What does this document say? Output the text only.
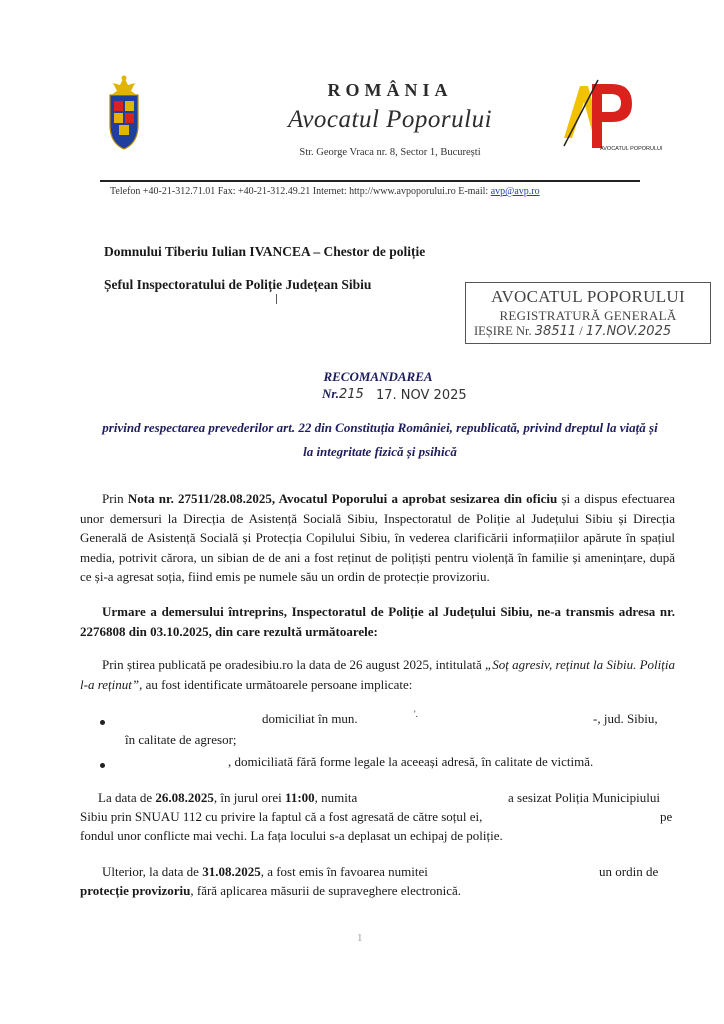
ROMÂNIA
Avocatul Poporului
Str. George Vraca nr. 8, Sector 1, București	AVOCATUL POPORULUI
Telefon +40-21-312.71.01 Fax: +40-21-312.49.21 Internet: http://www.avpoporului.ro E-mail: avp@avp.ro
Domnului Tiberiu Iulian IVANCEA – Chestor de poliție
Șeful Inspectoratului de Poliție Județean Sibiu
AVOCATUL POPORULUI
REGISTRATURĂ GENERALĂ
IEȘIRE Nr. 38511 / 17.NOV.2025
RECOMANDAREA
Nr.215 17. NOV 2025
privind respectarea prevederilor art. 22 din Constituția României, republicată, privind dreptul la viață și
la integritate fizică și psihică
Prin Nota nr. 27511/28.08.2025, Avocatul Poporului a aprobat sesizarea din oficiu și a dispus efectuarea unor demersuri la Direcția de Asistență Socială Sibiu, Inspectoratul de Poliție al Județului Sibiu și Direcția Generală de Asistență Socială și Protecția Copilului Sibiu, în vederea clarificării informațiilor apărute în spațiul media, potrivit cărora, un sibian de de ani a fost reținut de polițiști pentru violență în familie și amenințare, după ce și-a agresat soția, fiind emis pe numele său un ordin de protecție provizoriu.
Urmare a demersului întreprins, Inspectoratul de Poliție al Județului Sibiu, ne-a transmis adresa nr. 2276808 din 03.10.2025, din care rezultă următoarele:
Prin știrea publicată pe oradesibiu.ro la data de 26 august 2025, intitulată „Soț agresiv, reținut la Sibiu. Poliția l-a reținut”, au fost identificate următoarele persoane implicate:
domiciliat în mun.	'.	-, jud. Sibiu,
în calitate de agresor;
, domiciliată fără forme legale la aceeași adresă, în calitate de victimă.
La data de 26.08.2025, în jurul orei 11:00, numita	a sesizat Poliția Municipiului
Sibiu prin SNUAU 112 cu privire la faptul că a fost agresată de către soțul ei,	pe
fondul unor conflicte mai vechi. La fața locului s-a deplasat un echipaj de poliție.
Ulterior, la data de 31.08.2025, a fost emis în favoarea numitei	un ordin de
protecție provizoriu, fără aplicarea măsurii de supraveghere electronică.
1
